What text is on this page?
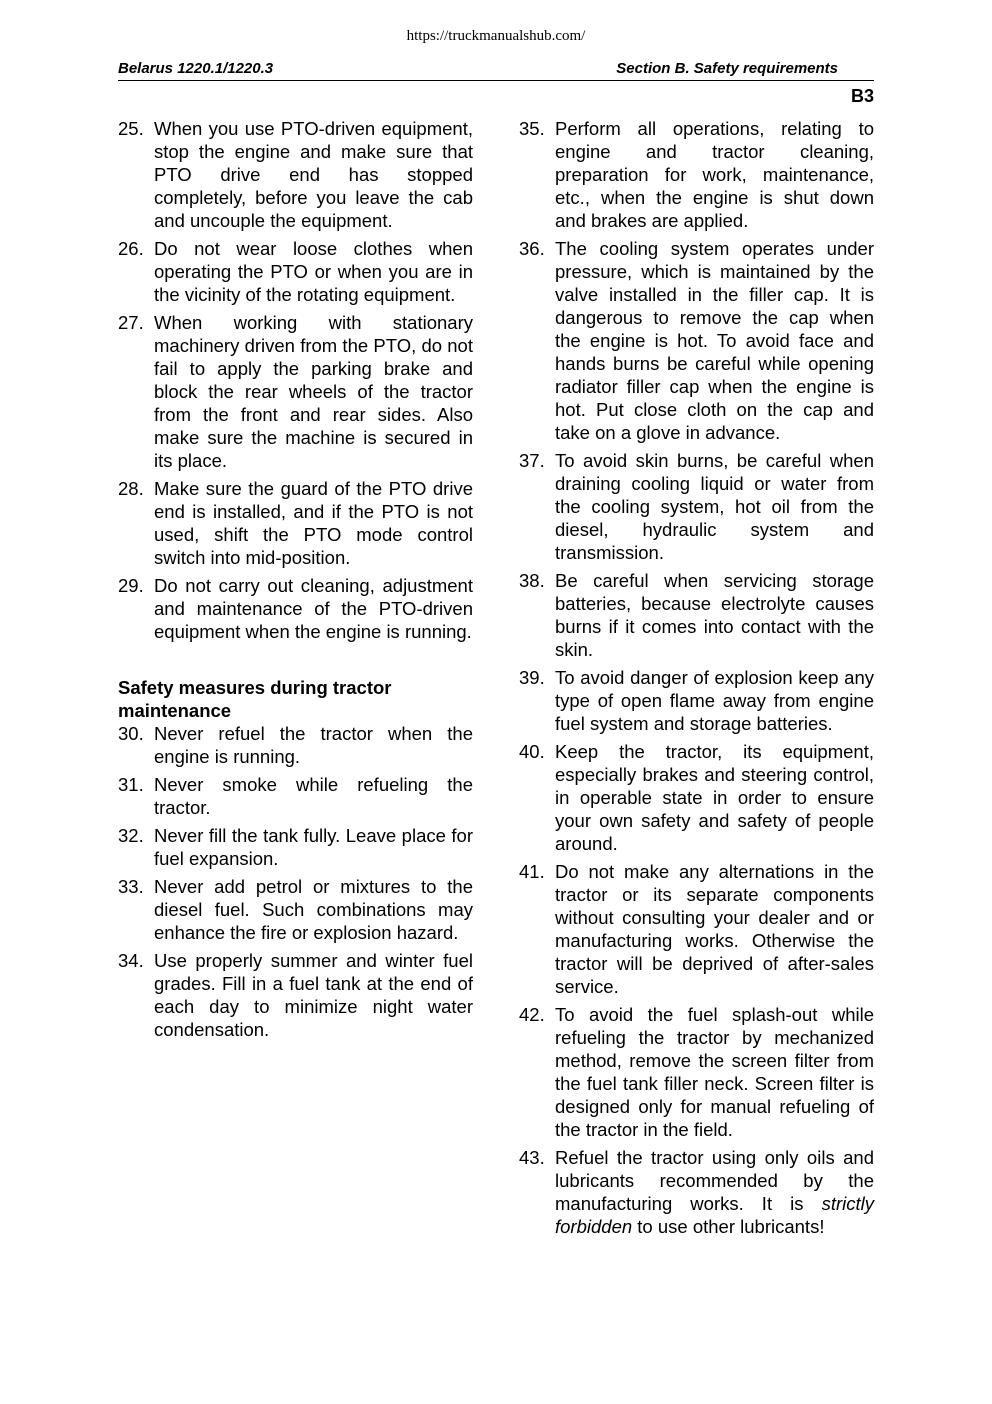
https://truckmanualshub.com/
Belarus 1220.1/1220.3	Section B. Safety requirements
B3
25. When you use PTO-driven equipment, stop the engine and make sure that PTO drive end has stopped completely, before you leave the cab and uncouple the equipment.
26. Do not wear loose clothes when operating the PTO or when you are in the vicinity of the rotating equipment.
27. When working with stationary machinery driven from the PTO, do not fail to apply the parking brake and block the rear wheels of the tractor from the front and rear sides. Also make sure the machine is secured in its place.
28. Make sure the guard of the PTO drive end is installed, and if the PTO is not used, shift the PTO mode control switch into mid-position.
29. Do not carry out cleaning, adjustment and maintenance of the PTO-driven equipment when the engine is running.
Safety measures during tractor maintenance
30. Never refuel the tractor when the engine is running.
31. Never smoke while refueling the tractor.
32. Never fill the tank fully. Leave place for fuel expansion.
33. Never add petrol or mixtures to the diesel fuel. Such combinations may enhance the fire or explosion hazard.
34. Use properly summer and winter fuel grades. Fill in a fuel tank at the end of each day to minimize night water condensation.
35. Perform all operations, relating to engine and tractor cleaning, preparation for work, maintenance, etc., when the engine is shut down and brakes are applied.
36. The cooling system operates under pressure, which is maintained by the valve installed in the filler cap. It is dangerous to remove the cap when the engine is hot. To avoid face and hands burns be careful while opening radiator filler cap when the engine is hot. Put close cloth on the cap and take on a glove in advance.
37. To avoid skin burns, be careful when draining cooling liquid or water from the cooling system, hot oil from the diesel, hydraulic system and transmission.
38. Be careful when servicing storage batteries, because electrolyte causes burns if it comes into contact with the skin.
39. To avoid danger of explosion keep any type of open flame away from engine fuel system and storage batteries.
40. Keep the tractor, its equipment, especially brakes and steering control, in operable state in order to ensure your own safety and safety of people around.
41. Do not make any alternations in the tractor or its separate components without consulting your dealer and or manufacturing works. Otherwise the tractor will be deprived of after-sales service.
42. To avoid the fuel splash-out while refueling the tractor by mechanized method, remove the screen filter from the fuel tank filler neck. Screen filter is designed only for manual refueling of the tractor in the field.
43. Refuel the tractor using only oils and lubricants recommended by the manufacturing works. It is strictly forbidden to use other lubricants!
